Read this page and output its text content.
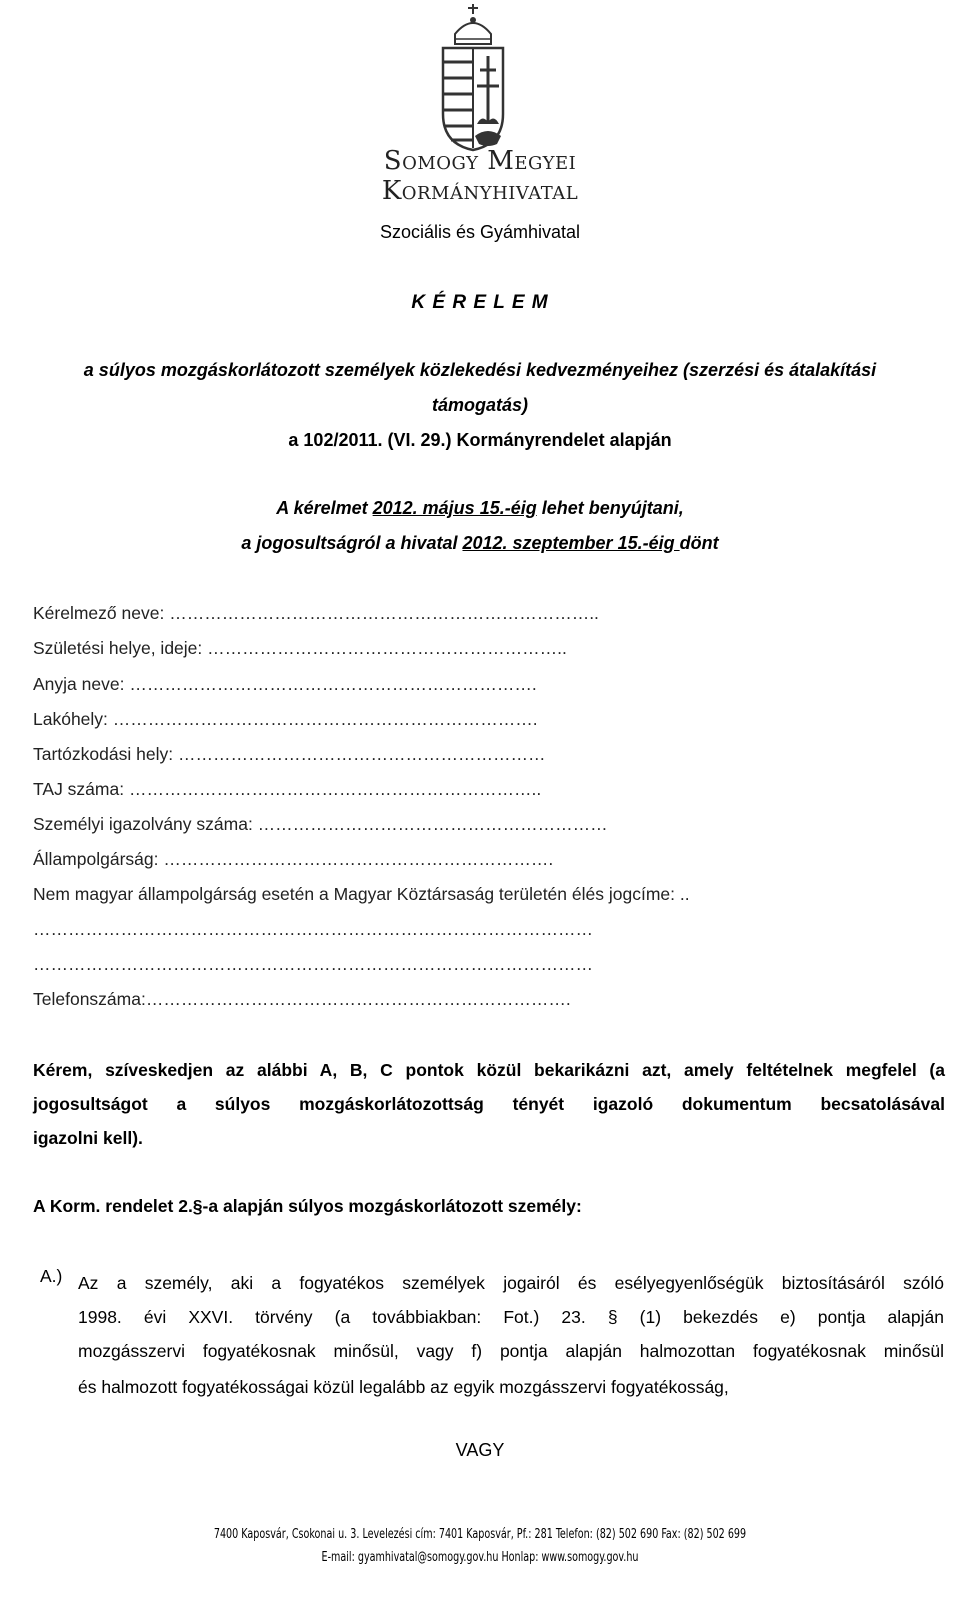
Somogy Megyei
Kormányhivatal
Szociális és Gyámhivatal
K É R E L E M
a súlyos mozgáskorlátozott személyek közlekedési kedvezményeihez (szerzési és átalakítási
támogatás)
a 102/2011. (VI. 29.) Kormányrendelet alapján
A kérelmet 2012. május 15.-éig lehet benyújtani,
a jogosultságról a hivatal 2012. szeptember 15.-éig dönt
Kérelmező neve: ………………………………………………………………..
Születési helye, ideje: ……………………………………………………..
Anyja neve: …………………………………………………………….
Lakóhely: ……………………………………………………………….
Tartózkodási hely: ………………………………………………………
TAJ száma: ……………………………………………………………..
Személyi igazolvány száma: ……………………………………………………
Állampolgárság: ………………………………………………………….
Nem magyar állampolgárság esetén a Magyar Köztársaság területén élés jogcíme: ..
……………………………………………………………………………………
……………………………………………………………………………………
Telefonszáma:……………………………………………………………….
Kérem, szíveskedjen az alábbi A, B, C pontok közül bekarikázni azt, amely feltételnek megfelel (a
jogosultságot a súlyos mozgáskorlátozottság tényét igazoló dokumentum becsatolásával
igazolni kell).
A Korm. rendelet 2.§-a alapján súlyos mozgáskorlátozott személy:
A.) Az a személy, aki a fogyatékos személyek jogairól és esélyegyenlőségük biztosításáról szóló
1998. évi XXVI. törvény (a továbbiakban: Fot.) 23. § (1) bekezdés e) pontja alapján
mozgásszervi fogyatékosnak minősül, vagy f) pontja alapján halmozottan fogyatékosnak minősül
és halmozott fogyatékosságai közül legalább az egyik mozgásszervi fogyatékosság,
VAGY
7400 Kaposvár, Csokonai u. 3. Levelezési cím: 7401 Kaposvár, Pf.: 281 Telefon: (82) 502 690 Fax: (82) 502 699
E-mail: gyamhivatal@somogy.gov.hu Honlap: www.somogy.gov.hu
